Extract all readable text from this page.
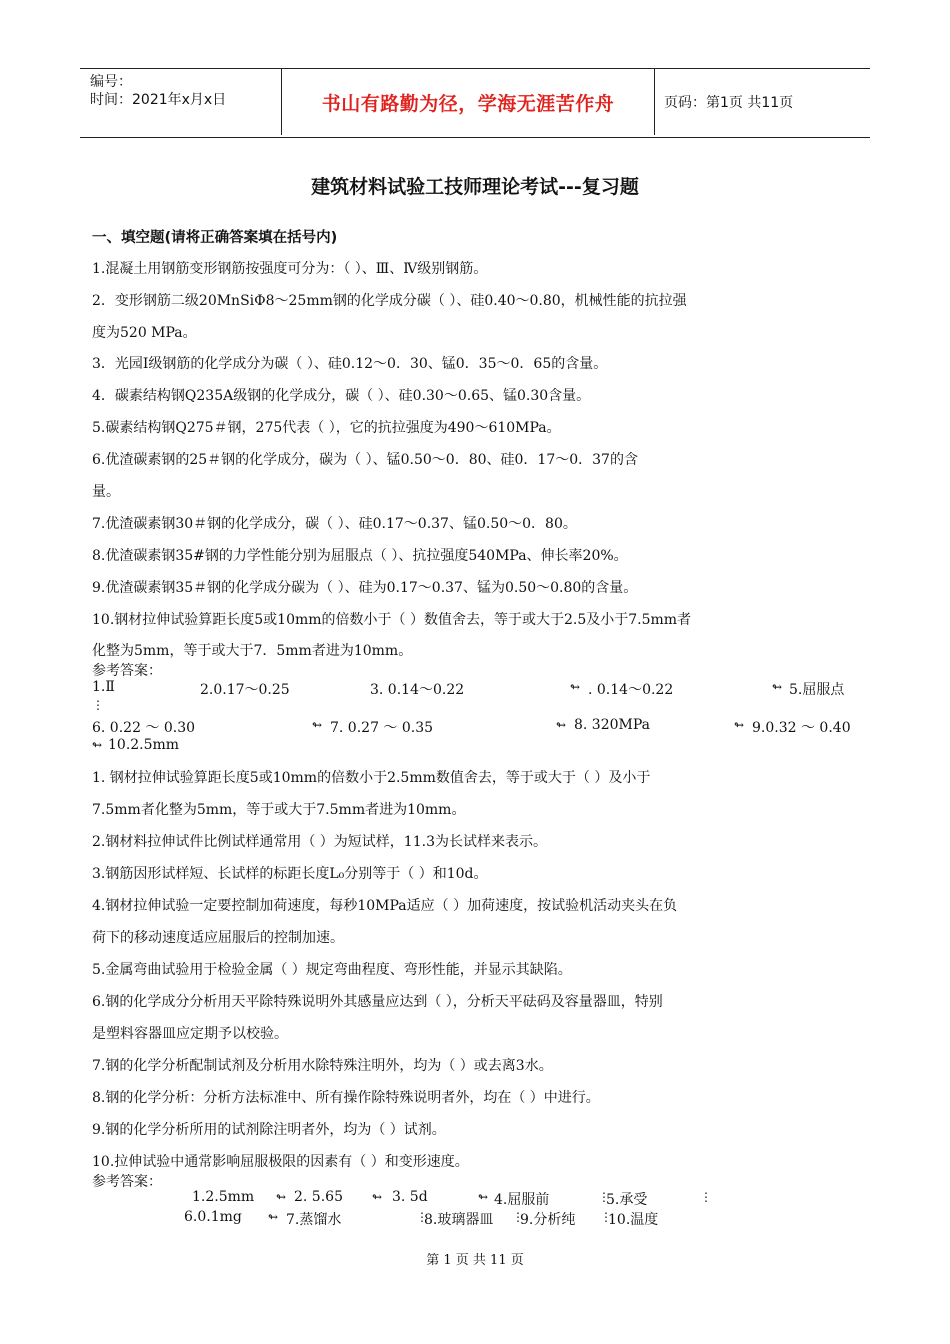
编号：
时间：2021年x月x日	书山有路勤为径，学海无涯苦作舟	页码：第1页 共11页
建筑材料试验工技师理论考试---复习题
一、填空题(请将正确答案填在括号内)
1.混凝土用钢筋变形钢筋按强度可分为：（ ）、Ⅲ、Ⅳ级别钢筋。
2．变形钢筋二级20MnSiΦ8～25mm钢的化学成分碳（ ）、硅0.40～0.80，机械性能的抗拉强
度为520 MPa。
3．光园Ⅰ级钢筋的化学成分为碳（ ）、硅0.12～0．30、锰0．35～0．65的含量。
4．碳素结构钢Q235A级钢的化学成分，碳（ ）、硅0.30～0.65、锰0.30含量。
5.碳素结构钢Q275＃钢，275代表（ ），它的抗拉强度为490～610MPa。
6.优渣碳素钢的25＃钢的化学成分，碳为（ ）、锰0.50～0．80、硅0．17～0．37的含
量。
7.优渣碳素钢30＃钢的化学成分，碳（ ）、硅0.17～0.37、锰0.50～0．80。
8.优渣碳素钢35#钢的力学性能分别为屈服点（ ）、抗拉强度540MPa、伸长率20%。
9.优渣碳素钢35＃钢的化学成分碳为（ ）、硅为0.17～0.37、锰为0.50～0.80的含量。
10.钢材拉伸试验算距长度5或10mm的倍数小于（ ）数值舍去，等于或大于2.5及小于7.5mm者
化整为5mm，等于或大于7．5mm者进为10mm。
参考答案：
1.Ⅱ	2.0.17～0.25	3. 0.14～0.22	↬ . 0.14～0.22	↬ 5.屈服点
⋮
6. 0.22 ～ 0.30	↬ 7. 0.27 ～ 0.35	↬ 8. 320MPa	↬ 9.0.32 ～ 0.40
↬ 10.2.5mm
1. 钢材拉伸试验算距长度5或10mm的倍数小于2.5mm数值舍去，等于或大于（ ）及小于
7.5mm者化整为5mm，等于或大于7.5mm者进为10mm。
2.钢材料拉伸试件比例试样通常用（ ）为短试样，11.3为长试样来表示。
3.钢筋因形试样短、长试样的标距长度L₀分别等于（ ）和10d。
4.钢材拉伸试验一定要控制加荷速度，每秒10MPa适应（ ）加荷速度，按试验机活动夹头在负
荷下的移动速度适应屈服后的控制加速。
5.金属弯曲试验用于检验金属（ ）规定弯曲程度、弯形性能，并显示其缺陷。
6.钢的化学成分分析用天平除特殊说明外其感量应达到（ ），分析天平砝码及容量器皿，特别
是塑料容器皿应定期予以校验。
7.钢的化学分析配制试剂及分析用水除特殊注明外，均为（ ）或去离3水。
8.钢的化学分析：分析方法标准中、所有操作除特殊说明者外，均在（ ）中进行。
9.钢的化学分析所用的试剂除注明者外，均为（ ）试剂。
10.拉伸试验中通常影响屈服极限的因素有（ ）和变形速度。
参考答案：
1.2.5mm ↬ 2. 5.65 ↬ 3. 5d	↬ 4.屈服前	⋮
5.承受	⋮
6.0.1mg ↬ 7.蒸馏水	⋮
8.玻璃器皿 ⋮
9.分析纯 ⋮
10.温度
第 1 页 共 11 页
